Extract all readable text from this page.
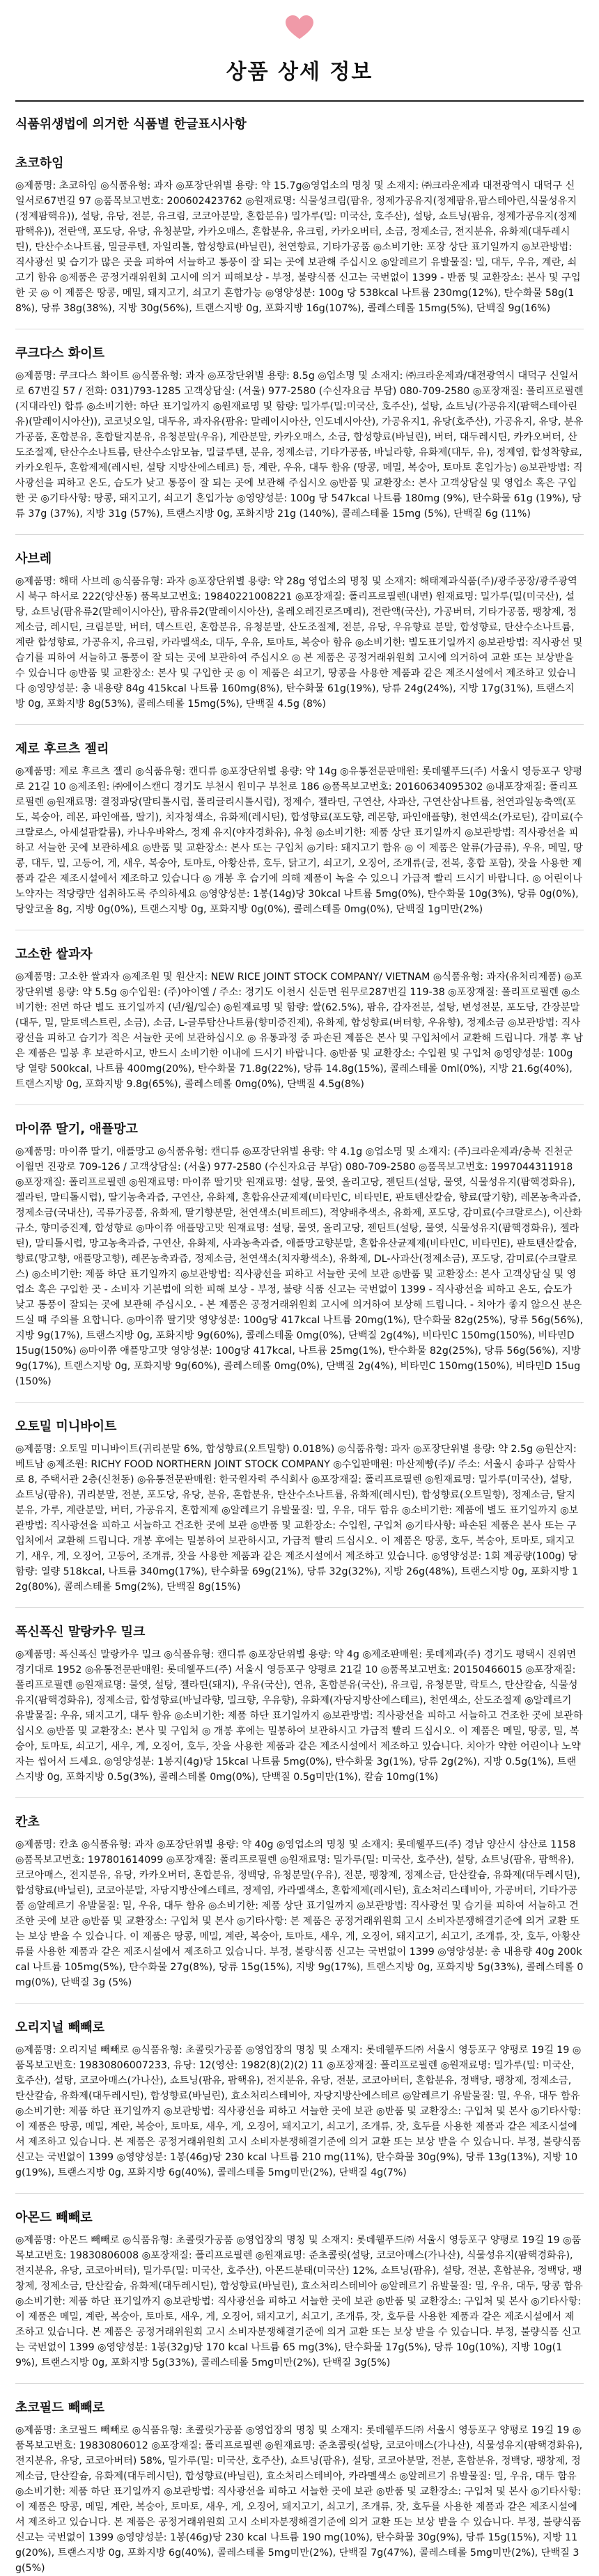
상품 상세 정보
식품위생법에 의거한 식품별 한글표시사항
초코하임
◎제품명: 초코하임 ◎식품유형: 과자 ◎포장단위별 용량: 약 15.7g◎영업소의 명칭 및 소재지: ㈜크라운제과 대전광역시 대덕구 신일서로67번길 97 ◎품목보고번호: 200602423762 ◎원재료명: 식물성크림(팜유, 정제가공유지(정제팜유,팜스테아린,식물성유지(정제팜핵유)), 설탕, 유당, 전분, 유크림, 코코아분말, 혼합분유) 밀가루(밀: 미국산, 호주산), 설탕, 쇼트닝(팜유, 정제가공유지(정제팜핵유)), 전란액, 포도당, 유당, 유청분말, 카카오매스, 혼합분유, 유크림, 카카오버터, 소금, 정제소금, 전지분유, 유화제(대두레시틴), 탄산수소나트륨, 밀글루텐, 자일리톨, 합성향료(바닐린), 천연향료, 기타가공품 ◎소비기한: 포장 상단 표기일까지 ◎보관방법: 직사광선 및 습기가 많은 곳을 피하여 서늘하고 통풍이 잘 되는 곳에 보관해 주십시오 ◎알레르기 유발물질: 밀, 대두, 우유, 계란, 쇠고기 함유 ◎제품은 공정거래위원회 고시에 의거 피해보상 - 부정, 불량식품 신고는 국번없이 1399 - 반품 및 교환장소: 본사 및 구입한 곳 ◎ 이 제품은 땅콩, 메밀, 돼지고기, 쇠고기 혼합가능 ◎영양성분: 100g 당 538kcal 나트륨 230mg(12%), 탄수화물 58g(18%), 당류 38g(38%), 지방 30g(56%), 트랜스지방 0g, 포화지방 16g(107%), 콜레스테롤 15mg(5%), 단백질 9g(16%)
쿠크다스 화이트
◎제품명: 쿠크다스 화이트 ◎식품유형: 과자 ◎포장단위별 용량: 8.5g ◎업소명 및 소재지: ㈜크라운제과/대전광역시 대덕구 신일서로 67번길 57 / 전화: 031)793-1285 고객상담실: (서울) 977-2580 (수신자요금 부담) 080-709-2580 ◎포장재질: 폴리프로필렌 (지대라인) 합류 ◎소비기한: 하단 표기일까지 ◎원재료명 및 함량: 밀가루(밀:미국산, 호주산), 설탕, 쇼트닝(가공유지(팜핵스테아린유)(말레이시아산)), 코코넛오일, 대두유, 과자유(팜유: 말레이시아산, 인도네시아산), 가공유지1, 유당(호주산), 가공유지, 유당, 분유가공품, 혼합분유, 혼합탈지분유, 유청분말(우유), 계란분말, 카카오매스, 소금, 합성향료(바닐린), 버터, 대두레시틴, 카카오버터, 산도조절제, 탄산수소나트륨, 탄산수소암모늄, 밀글루텐, 분유, 정제소금, 기타가공품, 바닐라향, 유화제(대두, 유), 정제염, 합성착향료, 카카오원두, 혼합제제(레시틴, 설탕 지방산에스테르) 등, 계란, 우유, 대두 함유 (땅콩, 메밀, 복숭아, 토마토 혼입가능) ◎보관방법: 직사광선을 피하고 온도, 습도가 낮고 통풍이 잘 되는 곳에 보관해 주십시오 ◎반품 및 교환장소: 본사 고객상담실 및 영업소 혹은 구입한 곳 ◎기타사항: 땅콩, 돼지고기, 쇠고기 혼입가능 ◎영양성분: 100g 당 547kcal 나트륨 180mg (9%), 탄수화물 61g (19%), 당류 37g (37%), 지방 31g (57%), 트랜스지방 0g, 포화지방 21g (140%), 콜레스테롤 15mg (5%), 단백질 6g (11%)
사브레
◎제품명: 해태 사브레 ◎식품유형: 과자 ◎포장단위별 용량: 약 28g 영업소의 명칭 및 소재지: 해태제과식품(주)/광주공장/광주광역시 북구 하서로 222(양산동) 품목보고번호: 19840221008221 ◎포장재질: 폴리프로필렌(내면) 원재료명: 밀가루(밀(미국산), 설탕, 쇼트닝(팜유류2(말레이시아산), 팜유류2(말레이시아산), 올레오레진로즈메리), 전란액(국산), 가공버터, 기타가공품, 팽창제, 정제소금, 레시틴, 크림분말, 버터, 덱스트린, 혼합분유, 유청분말, 산도조절제, 전분, 유당, 우유향료 분말, 합성향료, 탄산수소나트륨, 계란 합성향료, 가공유지, 유크림, 카라멜색소, 대두, 우유, 토마토, 복숭아 함유 ◎소비기한: 별도표기일까지 ◎보관방법: 직사광선 및 습기를 피하여 서늘하고 통풍이 잘 되는 곳에 보관하여 주십시오 ◎ 본 제품은 공정거래위원회 고시에 의거하여 교환 또는 보상받을 수 있습니다 ◎반품 및 교환장소: 본사 및 구입한 곳 ◎ 이 제품은 쇠고기, 땅콩을 사용한 제품과 같은 제조시설에서 제조하고 있습니다 ◎영양성분: 총 내용량 84g 415kcal 나트륨 160mg(8%), 탄수화물 61g(19%), 당류 24g(24%), 지방 17g(31%), 트랜스지방 0g, 포화지방 8g(53%), 콜레스테롤 15mg(5%), 단백질 4.5g (8%)
제로 후르츠 젤리
◎제품명: 제로 후르츠 젤리 ◎식품유형: 캔디류 ◎포장단위별 용량: 약 14g ◎유통전문판매원: 롯데웰푸드(주) 서울시 영등포구 양평로 21길 10 ◎제조원: ㈜에이스캔디 경기도 부천시 원미구 부천로 186 ◎품목보고번호: 20160634095302 ◎내포장재질: 폴리프로필렌 ◎원재료명: 결정과당(말티톨시럽, 폴리글리시톨시럽), 정제수, 젤라틴, 구연산, 사과산, 구연산삼나트륨, 천연과일농축액(포도, 복숭아, 레몬, 파인애플, 딸기), 치자청색소, 유화제(레시틴), 합성향료(포도향, 레몬향, 파인애플향), 천연색소(카로틴), 감미료(수크랄로스, 아세설팜칼륨), 카나우바왁스, 정제 유지(야자경화유), 유청 ◎소비기한: 제품 상단 표기일까지 ◎보관방법: 직사광선을 피하고 서늘한 곳에 보관하세요 ◎반품 및 교환장소: 본사 또는 구입처 ◎기타: 돼지고기 함유 ◎ 이 제품은 알류(가금류), 우유, 메밀, 땅콩, 대두, 밀, 고등어, 게, 새우, 복숭아, 토마토, 아황산류, 호두, 닭고기, 쇠고기, 오징어, 조개류(굴, 전복, 홍합 포함), 잣을 사용한 제품과 같은 제조시설에서 제조하고 있습니다 ◎ 개봉 후 습기에 의해 제품이 녹을 수 있으니 가급적 빨리 드시기 바랍니다. ◎ 어린이나 노약자는 적당량만 섭취하도록 주의하세요 ◎영양성분: 1봉(14g)당 30kcal 나트륨 5mg(0%), 탄수화물 10g(3%), 당류 0g(0%), 당알코올 8g, 지방 0g(0%), 트랜스지방 0g, 포화지방 0g(0%), 콜레스테롤 0mg(0%), 단백질 1g미만(2%)
고소한 쌀과자
◎제품명: 고소한 쌀과자 ◎제조원 및 원산지: NEW RICE JOINT STOCK COMPANY/ VIETNAM ◎식품유형: 과자(유처리제품) ◎포장단위별 용량: 약 5.5g ◎수입원: (주)아이엘 / 주소: 경기도 이천시 신둔면 원무로287번길 119-38 ◎포장재질: 폴리프로필렌 ◎소비기한: 전면 하단 별도 표기일까지 (년/월/일순) ◎원재료명 및 함량: 쌀(62.5%), 팜유, 감자전분, 설탕, 변성전분, 포도당, 간장분말(대두, 밀, 말토덱스트린, 소금), 소금, L-글루탐산나트륨(향미증진제), 유화제, 합성향료(버터향, 우유향), 정제소금 ◎보관방법: 직사광선을 피하고 습기가 적은 서늘한 곳에 보관하십시오 ◎ 유통과정 중 파손된 제품은 본사 및 구입처에서 교환해 드립니다. 개봉 후 남은 제품은 밀봉 후 보관하시고, 반드시 소비기한 이내에 드시기 바랍니다. ◎반품 및 교환장소: 수입원 및 구입처 ◎영양성분: 100g 당 열량 500kcal, 나트륨 400mg(20%), 탄수화물 71.8g(22%), 당류 14.8g(15%), 콜레스테롤 0ml(0%), 지방 21.6g(40%), 트랜스지방 0g, 포화지방 9.8g(65%), 콜레스테롤 0mg(0%), 단백질 4.5g(8%)
마이쮸 딸기, 애플망고
◎제품명: 마이쮸 딸기, 애플망고 ◎식품유형: 캔디류 ◎포장단위별 용량: 약 4.1g ◎업소명 및 소재지: (주)크라운제과/충북 진천군 이월면 진광로 709-126 / 고객상담실: (서울) 977-2580 (수신자요금 부담) 080-709-2580 ◎품목보고번호: 1997044311918 ◎포장재질: 폴리프로필렌 ◎원재료명: 마이쮸 딸기맛 원재료명: 설탕, 물엿, 올리고당, 젠틴트(설탕, 물엿, 식물성유지(팜핵경화유), 젤라틴, 말티톨시럽), 딸기농축과즙, 구연산, 유화제, 혼합유산균제제(비타민C, 비타민E, 판토텐산칼슘, 향료(딸기향), 레몬농축과즙, 정제소금(국내산), 곡류가공품, 유화제, 딸기향분말, 천연색소(비트레드), 적양배추색소, 유화제, 포도당, 감미료(수크랄로스), 이산화규소, 향미증진제, 합성향료 ◎마이쮸 애플망고맛 원재료명: 설탕, 물엿, 올리고당, 젠틴트(설탕, 물엿, 식물성유지(팜핵경화유), 젤라틴), 말티톨시럽, 망고농축과즙, 구연산, 유화제, 사과농축과즙, 애플망고향분말, 혼합유산균제제(비타민C, 비타민E), 판토텐산칼슘, 향료(망고향, 애플망고향), 레몬농축과즙, 정제소금, 천연색소(치자황색소), 유화제, DL-사과산(정제소금), 포도당, 감미료(수크랄로스) ◎소비기한: 제품 하단 표기일까지 ◎보관방법: 직사광선을 피하고 서늘한 곳에 보관 ◎반품 및 교환장소: 본사 고객상담실 및 영업소 혹은 구입한 곳 - 소비자 기본법에 의한 피해 보상 - 부정, 불량 식품 신고는 국번없이 1399 - 직사광선을 피하고 온도, 습도가 낮고 통풍이 잘되는 곳에 보관해 주십시오. - 본 제품은 공정거래위원회 고시에 의거하여 보상해 드립니다. - 치아가 좋지 않으신 분은 드실 때 주의를 요합니다. ◎마이쮸 딸기맛 영양성분: 100g당 417kcal 나트륨 20mg(1%), 탄수화물 82g(25%), 당류 56g(56%), 지방 9g(17%), 트랜스지방 0g, 포화지방 9g(60%), 콜레스테롤 0mg(0%), 단백질 2g(4%), 비타민C 150mg(150%), 비타민D 15ug(150%) ◎마이쮸 애플망고맛 영양성분: 100g당 417kcal, 나트륨 25mg(1%), 탄수화물 82g(25%), 당류 56g(56%), 지방 9g(17%), 트랜스지방 0g, 포화지방 9g(60%), 콜레스테롤 0mg(0%), 단백질 2g(4%), 비타민C 150mg(150%), 비타민D 15ug(150%)
오토밀 미니바이트
◎제품명: 오토밀 미니바이트(귀리분말 6%, 합성향료(오트밀향) 0.018%) ◎식품유형: 과자 ◎포장단위별 용량: 약 2.5g ◎원산지: 베트남 ◎제조원: RICHY FOOD NORTHERN JOINT STOCK COMPANY ◎수입판매원: 마산제빵(주)/ 주소: 서울시 송파구 삼학사로 8, 주택서관 2층(신천동) ◎유통전문판매원: 한국원자력 주식회사 ◎포장재질: 폴리프로필렌 ◎원재료명: 밀가루(미국산), 설탕, 쇼트닝(팜유), 귀리분말, 전분, 포도당, 유당, 분유, 혼합분유, 탄산수소나트륨, 유화제(레시틴), 합성향료(오트밀향), 정제소금, 탈지분유, 가루, 계란분말, 버터, 가공유지, 혼합제제 ◎알레르기 유발물질: 밀, 우유, 대두 함유 ◎소비기한: 제품에 별도 표기일까지 ◎보관방법: 직사광선을 피하고 서늘하고 건조한 곳에 보관 ◎반품 및 교환장소: 수입원, 구입처 ◎기타사항: 파손된 제품은 본사 또는 구입처에서 교환해 드립니다. 개봉 후에는 밀봉하여 보관하시고, 가급적 빨리 드십시오. 이 제품은 땅콩, 호두, 복숭아, 토마토, 돼지고기, 새우, 게, 오징어, 고등어, 조개류, 잣을 사용한 제품과 같은 제조시설에서 제조하고 있습니다. ◎영양성분: 1회 제공량(100g) 당 함량: 열량 518kcal, 나트륨 340mg(17%), 탄수화물 69g(21%), 당류 32g(32%), 지방 26g(48%), 트랜스지방 0g, 포화지방 12g(80%), 콜레스테롤 5mg(2%), 단백질 8g(15%)
폭신폭신 말랑카우 밀크
◎제품명: 폭신폭신 말랑카우 밀크 ◎식품유형: 캔디류 ◎포장단위별 용량: 약 4g ◎제조판매원: 롯데제과(주) 경기도 평택시 진위면 경기대로 1952 ◎유통전문판매원: 롯데웰푸드(주) 서울시 영등포구 양평로 21길 10 ◎품목보고번호: 20150466015 ◎포장재질: 폴리프로필렌 ◎원재료명: 물엿, 설탕, 젤라틴(돼지), 우유(국산), 연유, 혼합분유(국산), 유크림, 유청분말, 락토스, 탄산칼슘, 식물성유지(팜핵경화유), 정제소금, 합성향료(바닐라향, 밀크향, 우유향), 유화제(자당지방산에스테르), 천연색소, 산도조절제 ◎알레르기 유발물질: 우유, 돼지고기, 대두 함유 ◎소비기한: 제품 하단 표기일까지 ◎보관방법: 직사광선을 피하고 서늘하고 건조한 곳에 보관하십시오 ◎반품 및 교환장소: 본사 및 구입처 ◎ 개봉 후에는 밀봉하여 보관하시고 가급적 빨리 드십시오. 이 제품은 메밀, 땅콩, 밀, 복숭아, 토마토, 쇠고기, 새우, 게, 오징어, 호두, 잣을 사용한 제품과 같은 제조시설에서 제조하고 있습니다. 치아가 약한 어린이나 노약자는 씹어서 드세요. ◎영양성분: 1봉지(4g)당 15kcal 나트륨 5mg(0%), 탄수화물 3g(1%), 당류 2g(2%), 지방 0.5g(1%), 트랜스지방 0g, 포화지방 0.5g(3%), 콜레스테롤 0mg(0%), 단백질 0.5g미만(1%), 칼슘 10mg(1%)
칸초
◎제품명: 칸초 ◎식품유형: 과자 ◎포장단위별 용량: 약 40g ◎영업소의 명칭 및 소재지: 롯데웰푸드(주) 경남 양산시 삼산로 1158 ◎품목보고번호: 197801614099 ◎포장재질: 폴리프로필렌 ◎원재료명: 밀가루(밀: 미국산, 호주산), 설탕, 쇼트닝(팜유, 팜핵유), 코코아매스, 전지분유, 유당, 카카오버터, 혼합분유, 정백당, 유청분말(우유), 전분, 팽창제, 정제소금, 탄산칼슘, 유화제(대두레시틴), 합성향료(바닐린), 코코아분말, 자당지방산에스테르, 정제염, 카라멜색소, 혼합제제(레시틴), 효소처리스테비아, 가공버터, 기타가공품 ◎알레르기 유발물질: 밀, 우유, 대두 함유 ◎소비기한: 제품 상단 표기일까지 ◎보관방법: 직사광선 및 습기를 피하여 서늘하고 건조한 곳에 보관 ◎반품 및 교환장소: 구입처 및 본사 ◎기타사항: 본 제품은 공정거래위원회 고시 소비자분쟁해결기준에 의거 교환 또는 보상 받을 수 있습니다. 이 제품은 땅콩, 메밀, 계란, 복숭아, 토마토, 새우, 게, 오징어, 돼지고기, 쇠고기, 조개류, 잣, 호두, 아황산류를 사용한 제품과 같은 제조시설에서 제조하고 있습니다. 부정, 불량식품 신고는 국번없이 1399 ◎영양성분: 총 내용량 40g 200kcal 나트륨 105mg(5%), 탄수화물 27g(8%), 당류 15g(15%), 지방 9g(17%), 트랜스지방 0g, 포화지방 5g(33%), 콜레스테롤 0mg(0%), 단백질 3g (5%)
오리지널 빼빼로
◎제품명: 오리지널 빼빼로 ◎식품유형: 초콜릿가공품 ◎영업장의 명칭 및 소재지: 롯데웰푸드㈜ 서울시 영등포구 양평로 19길 19 ◎품목보고번호: 19830806007233, 유당: 12(영산: 1982(8)(2)(2) 11 ◎포장재질: 폴리프로필렌 ◎원재료명: 밀가루(밀: 미국산, 호주산), 설탕, 코코아매스(가나산), 쇼트닝(팜유, 팜핵유), 전지분유, 유당, 전분, 코코아버터, 혼합분유, 정백당, 팽창제, 정제소금, 탄산칼슘, 유화제(대두레시틴), 합성향료(바닐린), 효소처리스테비아, 자당지방산에스테르 ◎알레르기 유발물질: 밀, 우유, 대두 함유 ◎소비기한: 제품 하단 표기일까지 ◎보관방법: 직사광선을 피하고 서늘한 곳에 보관 ◎반품 및 교환장소: 구입처 및 본사 ◎기타사항: 이 제품은 땅콩, 메밀, 계란, 복숭아, 토마토, 새우, 게, 오징어, 돼지고기, 쇠고기, 조개류, 잣, 호두를 사용한 제품과 같은 제조시설에서 제조하고 있습니다. 본 제품은 공정거래위원회 고시 소비자분쟁해결기준에 의거 교환 또는 보상 받을 수 있습니다. 부정, 불량식품 신고는 국번없이 1399 ◎영양성분: 1봉(46g)당 230 kcal 나트륨 210 mg(11%), 탄수화물 30g(9%), 당류 13g(13%), 지방 10g(19%), 트랜스지방 0g, 포화지방 6g(40%), 콜레스테롤 5mg미만(2%), 단백질 4g(7%)
아몬드 빼빼로
◎제품명: 아몬드 빼빼로 ◎식품유형: 초콜릿가공품 ◎영업장의 명칭 및 소재지: 롯데웰푸드㈜ 서울시 영등포구 양평로 19길 19 ◎품목보고번호: 19830806008 ◎포장재질: 폴리프로필렌 ◎원재료명: 준초콜릿(설탕, 코코아매스(가나산), 식물성유지(팜핵경화유), 전지분유, 유당, 코코아버터), 밀가루(밀: 미국산, 호주산), 아몬드분태(미국산) 12%, 쇼트닝(팜유), 설탕, 전분, 혼합분유, 정백당, 팽창제, 정제소금, 탄산칼슘, 유화제(대두레시틴), 합성향료(바닐린), 효소처리스테비아 ◎알레르기 유발물질: 밀, 우유, 대두, 땅콩 함유 ◎소비기한: 제품 하단 표기일까지 ◎보관방법: 직사광선을 피하고 서늘한 곳에 보관 ◎반품 및 교환장소: 구입처 및 본사 ◎기타사항: 이 제품은 메밀, 계란, 복숭아, 토마토, 새우, 게, 오징어, 돼지고기, 쇠고기, 조개류, 잣, 호두를 사용한 제품과 같은 제조시설에서 제조하고 있습니다. 본 제품은 공정거래위원회 고시 소비자분쟁해결기준에 의거 교환 또는 보상 받을 수 있습니다. 부정, 불량식품 신고는 국번없이 1399 ◎영양성분: 1봉(32g)당 170 kcal 나트륨 65 mg(3%), 탄수화물 17g(5%), 당류 10g(10%), 지방 10g(19%), 트랜스지방 0g, 포화지방 5g(33%), 콜레스테롤 5mg미만(2%), 단백질 3g(5%)
초코필드 빼빼로
◎제품명: 초코필드 빼빼로 ◎식품유형: 초콜릿가공품 ◎영업장의 명칭 및 소재지: 롯데웰푸드㈜ 서울시 영등포구 양평로 19길 19 ◎품목보고번호: 19830806012 ◎포장재질: 폴리프로필렌 ◎원재료명: 준초콜릿(설탕, 코코아매스(가나산), 식물성유지(팜핵경화유), 전지분유, 유당, 코코아버터) 58%, 밀가루(밀: 미국산, 호주산), 쇼트닝(팜유), 설탕, 코코아분말, 전분, 혼합분유, 정백당, 팽창제, 정제소금, 탄산칼슘, 유화제(대두레시틴), 합성향료(바닐린), 효소처리스테비아, 카라멜색소 ◎알레르기 유발물질: 밀, 우유, 대두 함유 ◎소비기한: 제품 하단 표기일까지 ◎보관방법: 직사광선을 피하고 서늘한 곳에 보관 ◎반품 및 교환장소: 구입처 및 본사 ◎기타사항: 이 제품은 땅콩, 메밀, 계란, 복숭아, 토마토, 새우, 게, 오징어, 돼지고기, 쇠고기, 조개류, 잣, 호두를 사용한 제품과 같은 제조시설에서 제조하고 있습니다. 본 제품은 공정거래위원회 고시 소비자분쟁해결기준에 의거 교환 또는 보상 받을 수 있습니다. 부정, 불량식품 신고는 국번없이 1399 ◎영양성분: 1봉(46g)당 230 kcal 나트륨 190 mg(10%), 탄수화물 30g(9%), 당류 15g(15%), 지방 11g(20%), 트랜스지방 0g, 포화지방 6g(40%), 콜레스테롤 5mg미만(2%), 단백질 7g(47%), 콜레스테롤 5mg미만(2%), 단백질 3g(5%)
